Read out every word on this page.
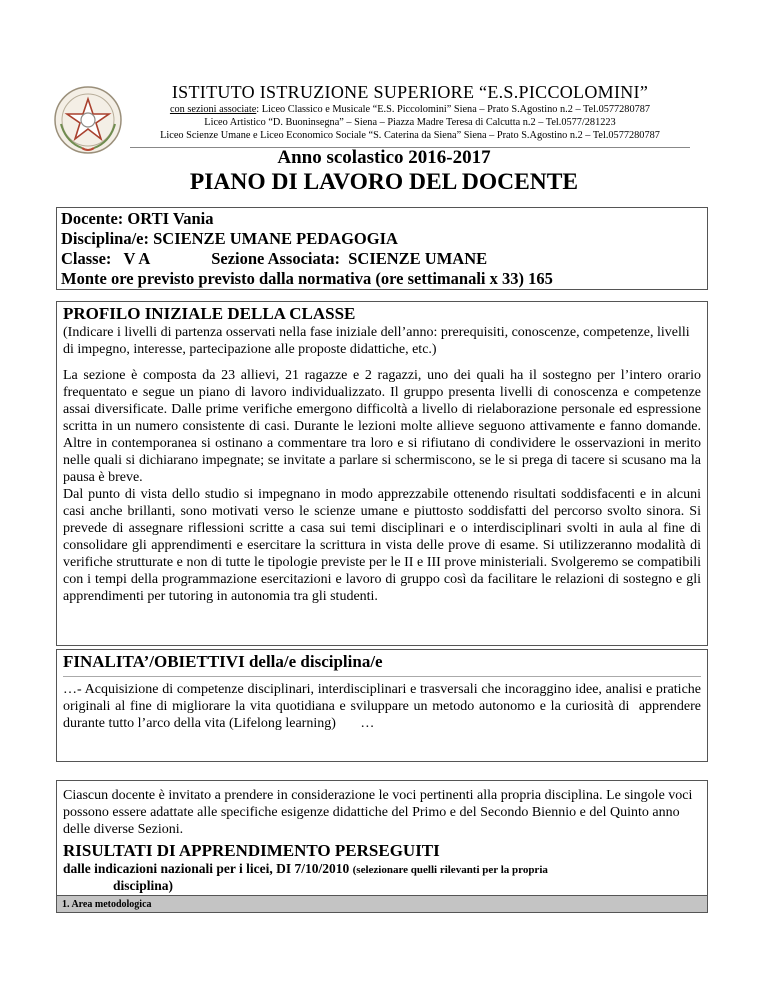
ISTITUTO ISTRUZIONE SUPERIORE “E.S.PICCOLOMINI”
con sezioni associate: Liceo Classico e Musicale “E.S. Piccolomini” Siena – Prato S.Agostino n.2 – Tel.0577280787
Liceo Artistico “D. Buoninsegna” – Siena – Piazza Madre Teresa di Calcutta n.2 – Tel.0577/281223
Liceo Scienze Umane e Liceo Economico Sociale “S. Caterina da Siena” Siena – Prato S.Agostino n.2 – Tel.0577280787
Anno scolastico 2016-2017
PIANO DI LAVORO DEL DOCENTE
Docente: ORTI Vania
Disciplina/e: SCIENZE UMANE PEDAGOGIA
Classe:   V A               Sezione Associata:  SCIENZE UMANE
Monte ore previsto previsto dalla normativa (ore settimanali x 33) 165
PROFILO INIZIALE DELLA CLASSE
(Indicare i livelli di partenza osservati nella fase iniziale dell’anno: prerequisiti, conoscenze, competenze, livelli di impegno, interesse, partecipazione alle proposte didattiche, etc.)
La sezione è composta da 23 allievi, 21 ragazze e 2 ragazzi, uno dei quali ha il sostegno per l’intero orario frequentato e segue un piano di lavoro individualizzato. Il gruppo presenta livelli di conoscenza e competenze assai diversificate. Dalle prime verifiche emergono difficoltà a livello di rielaborazione personale ed espressione scritta in un numero consistente di casi. Durante le lezioni molte allieve seguono attivamente e fanno domande. Altre in contemporanea si ostinano a commentare tra loro e si rifiutano di condividere le osservazioni in merito nelle quali si dichiarano impegnate; se invitate a parlare si schermiscono, se le si prega di tacere si scusano ma la pausa è breve.
Dal punto di vista dello studio si impegnano in modo apprezzabile ottenendo risultati soddisfacenti e in alcuni casi anche brillanti, sono motivati verso le scienze umane e piuttosto soddisfatti del percorso svolto sinora. Si prevede di assegnare riflessioni scritte a casa sui temi disciplinari e o interdisciplinari svolti in aula al fine di consolidare gli apprendimenti e esercitare la scrittura in vista delle prove di esame. Si utilizzeranno modalità di verifiche strutturate e non di tutte le tipologie previste per le II e III prove ministeriali. Svolgeremo se compatibili con i tempi della programmazione esercitazioni e lavoro di gruppo così da facilitare le relazioni di sostegno e gli apprendimenti per tutoring in autonomia tra gli studenti.
FINALITA’/OBIETTIVI della/e disciplina/e
…- Acquisizione di competenze disciplinari, interdisciplinari e trasversali che incoraggino idee, analisi e pratiche originali al fine di migliorare la vita quotidiana e sviluppare un metodo autonomo e la curiosità di  apprendere durante tutto l’arco della vita (Lifelong learning)       …
Ciascun docente è invitato a prendere in considerazione le voci pertinenti alla propria disciplina. Le singole voci possono essere adattate alle specifiche esigenze didattiche del Primo e del Secondo Biennio e del Quinto anno delle diverse Sezioni.
RISULTATI DI APPRENDIMENTO PERSEGUITI
dalle indicazioni nazionali per i licei, DI 7/10/2010 (selezionare quelli rilevanti per la propria
disciplina)
1. Area metodologica
